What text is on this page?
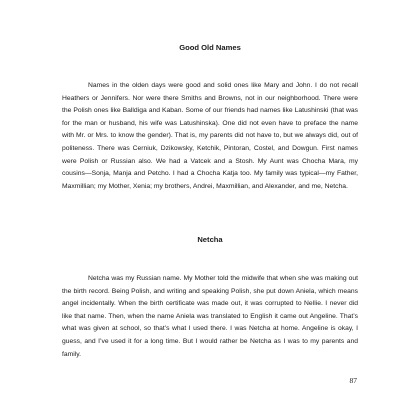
Good Old Names

Names in the olden days were good and solid ones like Mary and John. I do not recall Heathers or Jennifers. Nor were there Smiths and Browns, not in our neighborhood. There were the Polish ones like Balldiga and Kaban. Some of our friends had names like Latushinski (that was for the man or husband, his wife was Latushinska). One did not even have to preface the name with Mr. or Mrs. to know the gender). That is, my parents did not have to, but we always did, out of politeness. There was Cerniuk, Dzikowsky, Ketchik, Pintoran, Costel, and Dowgun. First names were Polish or Russian also. We had a Vatcek and a Stosh. My Aunt was Chocha Mara, my cousins—Sonja, Manja and Petcho. I had a Chocha Katja too. My family was typical—my Father, Maxmillian; my Mother, Xenia; my brothers, Andrei, Maxmillian, and Alexander, and me, Netcha.

Netcha

Netcha was my Russian name. My Mother told the midwife that when she was making out the birth record. Being Polish, and writing and speaking Polish, she put down Aniela, which means angel incidentally. When the birth certificate was made out, it was corrupted to Nellie. I never did like that name. Then, when the name Aniela was translated to English it came out Angeline. That’s what was given at school, so that’s what I used there. I was Netcha at home. Angeline is okay, I guess, and I’ve used it for a long time. But I would rather be Netcha as I was to my parents and family.

87
